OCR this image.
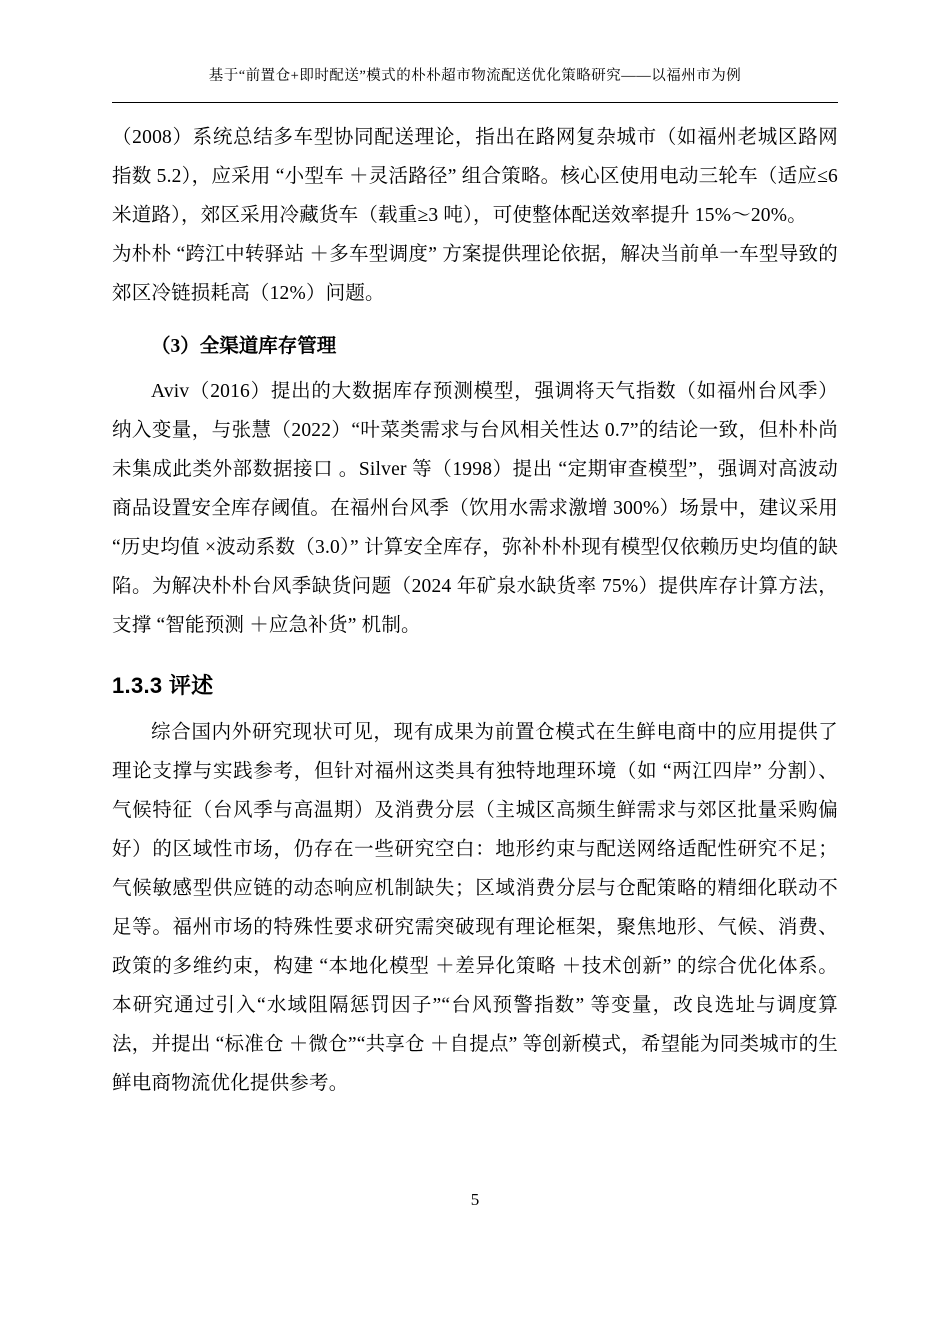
基于“前置仓+即时配送”模式的朴朴超市物流配送优化策略研究——以福州市为例

（2008）系统总结多车型协同配送理论，指出在路网复杂城市（如福州老城区路网指数 5.2），应采用 “小型车 ＋灵活路径” 组合策略。核心区使用电动三轮车（适应≤6 米道路），郊区采用冷藏货车（载重≥3 吨），可使整体配送效率提升 15%～20%。

为朴朴 “跨江中转驿站 ＋多车型调度” 方案提供理论依据，解决当前单一车型导致的郊区冷链损耗高（12%）问题。

（3）全渠道库存管理

Aviv（2016）提出的大数据库存预测模型，强调将天气指数（如福州台风季）纳入变量，与张慧（2022）“叶菜类需求与台风相关性达 0.7”的结论一致，但朴朴尚未集成此类外部数据接口 。Silver 等（1998）提出 “定期审查模型”，强调对高波动商品设置安全库存阈值。在福州台风季（饮用水需求激增 300%）场景中，建议采用“历史均值 ×波动系数（3.0）” 计算安全库存，弥补朴朴现有模型仅依赖历史均值的缺陷。为解决朴朴台风季缺货问题（2024 年矿泉水缺货率 75%）提供库存计算方法，支撑 “智能预测 ＋应急补货” 机制。

1.3.3 评述

综合国内外研究现状可见，现有成果为前置仓模式在生鲜电商中的应用提供了理论支撑与实践参考，但针对福州这类具有独特地理环境（如 “两江四岸” 分割）、气候特征（台风季与高温期）及消费分层（主城区高频生鲜需求与郊区批量采购偏好）的区域性市场，仍存在一些研究空白：地形约束与配送网络适配性研究不足；气候敏感型供应链的动态响应机制缺失；区域消费分层与仓配策略的精细化联动不足等。福州市场的特殊性要求研究需突破现有理论框架，聚焦地形、气候、消费、政策的多维约束，构建 “本地化模型 ＋差异化策略 ＋技术创新” 的综合优化体系。本研究通过引入“水域阻隔惩罚因子”“台风预警指数” 等变量，改良选址与调度算法，并提出 “标准仓 ＋微仓”“共享仓 ＋自提点” 等创新模式，希望能为同类城市的生鲜电商物流优化提供参考。

5
